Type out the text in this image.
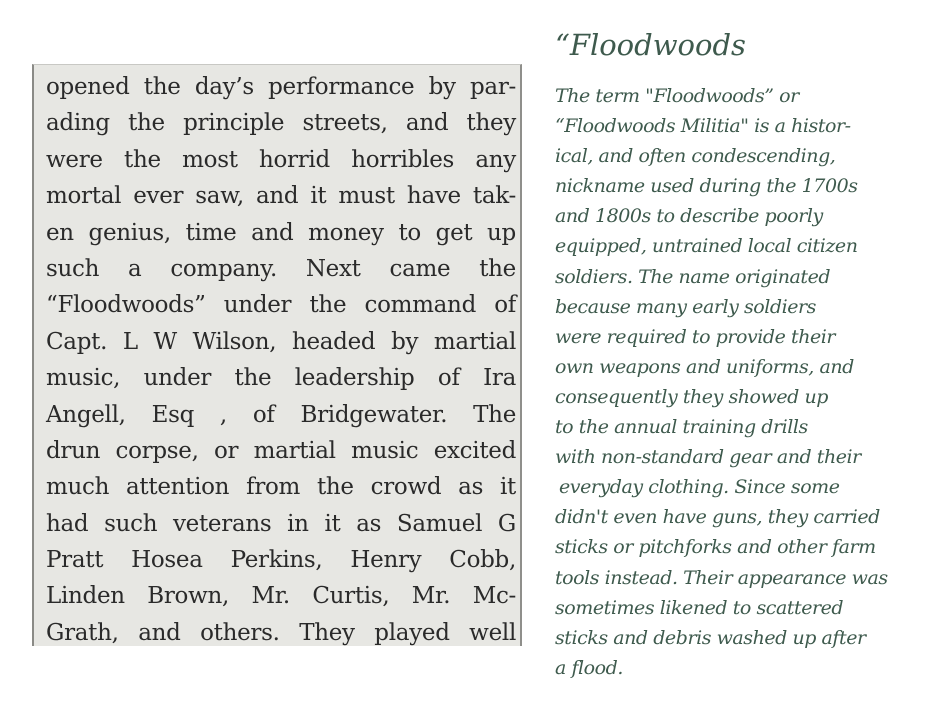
opened the day’s performance by par-
ading the principle streets, and they
were the most horrid horribles any
mortal ever saw, and it must have tak-
en genius, time and money to get up
such a company. Next came the
“Floodwoods” under the command of
Capt. L W Wilson, headed by martial
music, under the leadership of Ira
Angell, Esq , of Bridgewater. The
drun corpse, or martial music excited
much attention from the crowd as it
had such veterans in it as Samuel G
Pratt Hosea Perkins, Henry Cobb,
Linden Brown, Mr. Curtis, Mr. Mc-
Grath, and others. They played well
“Floodwoods
The term "Floodwoods” or
“Floodwoods Militia" is a histor-
ical, and often condescending,
nickname used during the 1700s
and 1800s to describe poorly
equipped, untrained local citizen
soldiers. The name originated
because many early soldiers
were required to provide their
own weapons and uniforms, and
consequently they showed up
to the annual training drills
with non-standard gear and their
everyday clothing. Since some
didn't even have guns, they carried
sticks or pitchforks and other farm
tools instead. Their appearance was
sometimes likened to scattered
sticks and debris washed up after
a flood.
